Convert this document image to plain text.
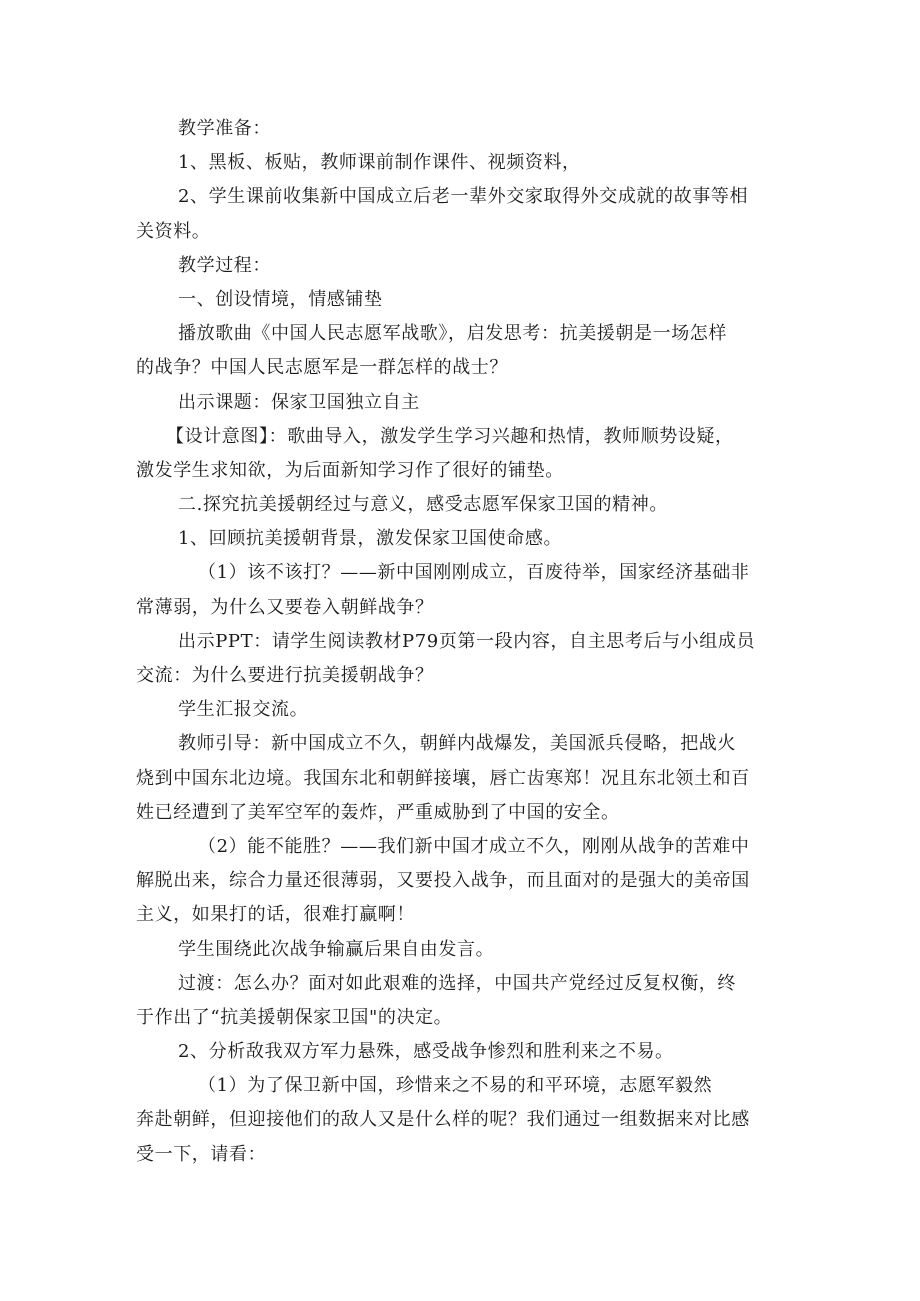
教学准备：
1、黑板、板贴，教师课前制作课件、视频资料，
2、学生课前收集新中国成立后老一辈外交家取得外交成就的故事等相
关资料。
教学过程：
一、创设情境，情感铺垫
播放歌曲《中国人民志愿军战歌》，启发思考：抗美援朝是一场怎样
的战争？中国人民志愿军是一群怎样的战士？
出示课题：保家卫国独立自主
【设计意图】：歌曲导入，激发学生学习兴趣和热情，教师顺势设疑，
激发学生求知欲，为后面新知学习作了很好的铺垫。
二.探究抗美援朝经过与意义，感受志愿军保家卫国的精神。
1、回顾抗美援朝背景，激发保家卫国使命感。
（1）该不该打？——新中国刚刚成立，百废待举，国家经济基础非
常薄弱，为什么又要卷入朝鲜战争？
出示PPT：请学生阅读教材P79页第一段内容，自主思考后与小组成员
交流：为什么要进行抗美援朝战争？
学生汇报交流。
教师引导：新中国成立不久，朝鲜内战爆发，美国派兵侵略，把战火
烧到中国东北边境。我国东北和朝鲜接壤，唇亡齿寒郑！况且东北领土和百
姓已经遭到了美军空军的轰炸，严重威胁到了中国的安全。
（2）能不能胜？——我们新中国才成立不久，刚刚从战争的苦难中
解脱出来，综合力量还很薄弱，又要投入战争，而且面对的是强大的美帝国
主义，如果打的话，很难打赢啊！
学生围绕此次战争输赢后果自由发言。
过渡：怎么办？面对如此艰难的选择，中国共产党经过反复权衡，终
于作出了“抗美援朝保家卫国"的决定。
2、分析敌我双方军力悬殊，感受战争惨烈和胜利来之不易。
（1）为了保卫新中国，珍惜来之不易的和平环境，志愿军毅然
奔赴朝鲜，但迎接他们的敌人又是什么样的呢？我们通过一组数据来对比感
受一下，请看：
